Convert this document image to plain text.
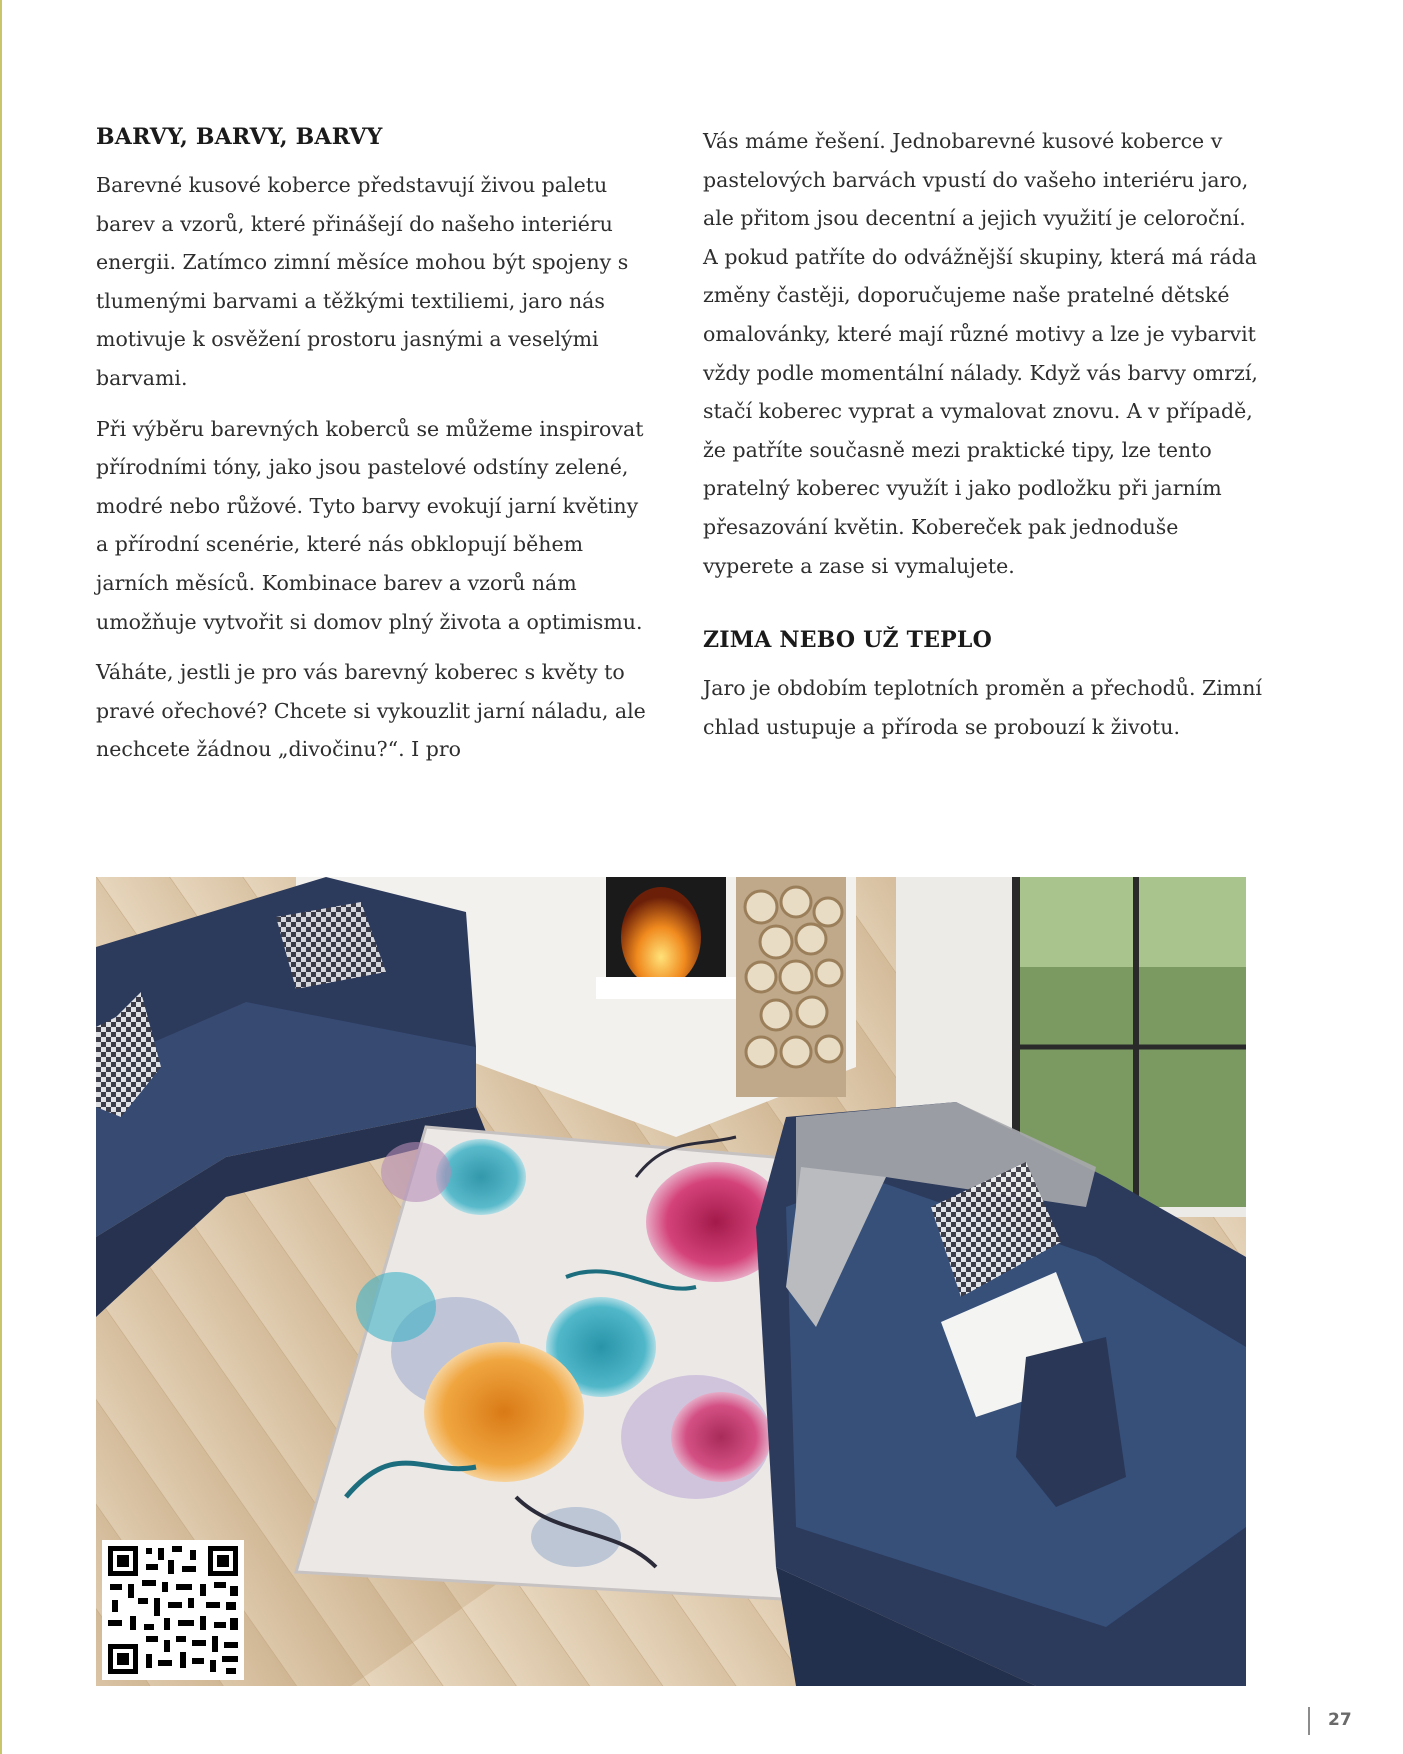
BARVY, BARVY, BARVY

Barevné kusové koberce představují živou paletu barev a vzorů, které přinášejí do našeho interiéru energii. Zatímco zimní měsíce mohou být spojeny s tlumenými barvami a těžkými textiliemi, jaro nás motivuje k osvěžení prostoru jasnými a veselými barvami.

Při výběru barevných koberců se můžeme inspirovat přírodními tóny, jako jsou pastelové odstíny zelené, modré nebo růžové. Tyto barvy evokují jarní květiny a přírodní scenérie, které nás obklopují během jarních měsíců. Kombinace barev a vzorů nám umožňuje vytvořit si domov plný života a optimismu.

Váháte, jestli je pro vás barevný koberec s květy to pravé ořechové? Chcete si vykouzlit jarní náladu, ale nechcete žádnou „divočinu?“. I pro

Vás máme řešení. Jednobarevné kusové koberce v pastelových barvách vpustí do vašeho interiéru jaro, ale přitom jsou decentní a jejich využití je celoroční. A pokud patříte do odvážnější skupiny, která má ráda změny častěji, doporučujeme naše pratelné dětské omalovánky, které mají různé motivy a lze je vybarvit vždy podle momentální nálady. Když vás barvy omrzí, stačí koberec vyprat a vymalovat znovu. A v případě, že patříte současně mezi praktické tipy, lze tento pratelný koberec využít i jako podložku při jarním přesazování květin. Kobereček pak jednoduše vyperete a zase si vymalujete.

ZIMA NEBO UŽ TEPLO

Jaro je obdobím teplotních proměn a přechodů. Zimní chlad ustupuje a příroda se probouzí k životu.

27
